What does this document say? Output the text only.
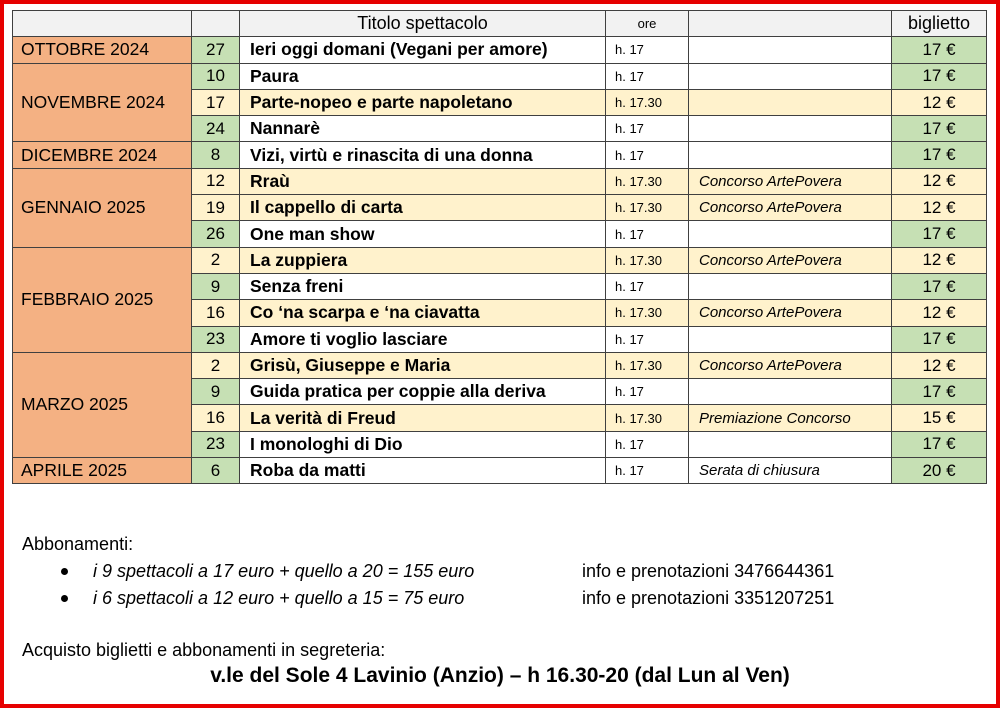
		Titolo spettacolo	ore		biglietto
OTTOBRE 2024	27	Ieri oggi domani (Vegani per amore)	h. 17		17 €
NOVEMBRE 2024	10	Paura	h. 17		17 €
	17	Parte-nopeo e parte napoletano	h. 17.30		12 €
	24	Nannarè	h. 17		17 €
DICEMBRE 2024	8	Vizi, virtù e rinascita di una donna	h. 17		17 €
GENNAIO 2025	12	Rraù	h. 17.30	Concorso ArtePovera	12 €
	19	Il cappello di carta	h. 17.30	Concorso ArtePovera	12 €
	26	One man show	h. 17		17 €
FEBBRAIO 2025	2	La zuppiera	h. 17.30	Concorso ArtePovera	12 €
	9	Senza freni	h. 17		17 €
	16	Co ‘na scarpa e ‘na ciavatta	h. 17.30	Concorso ArtePovera	12 €
	23	Amore ti voglio lasciare	h. 17		17 €
MARZO 2025	2	Grisù, Giuseppe e Maria	h. 17.30	Concorso ArtePovera	12 €
	9	Guida pratica per coppie alla deriva	h. 17		17 €
	16	La verità di Freud	h. 17.30	Premiazione Concorso	15 €
	23	I monologhi di Dio	h. 17		17 €
APRILE 2025	6	Roba da matti	h. 17	Serata di chiusura	20 €
Abbonamenti:
i 9 spettacoli a 17 euro + quello a 20 = 155 euro	info e prenotazioni 3476644361
i 6 spettacoli a 12 euro + quello a 15 = 75 euro	info e prenotazioni 3351207251
Acquisto biglietti e abbonamenti in segreteria:
v.le del Sole 4 Lavinio (Anzio) – h 16.30-20 (dal Lun al Ven)
